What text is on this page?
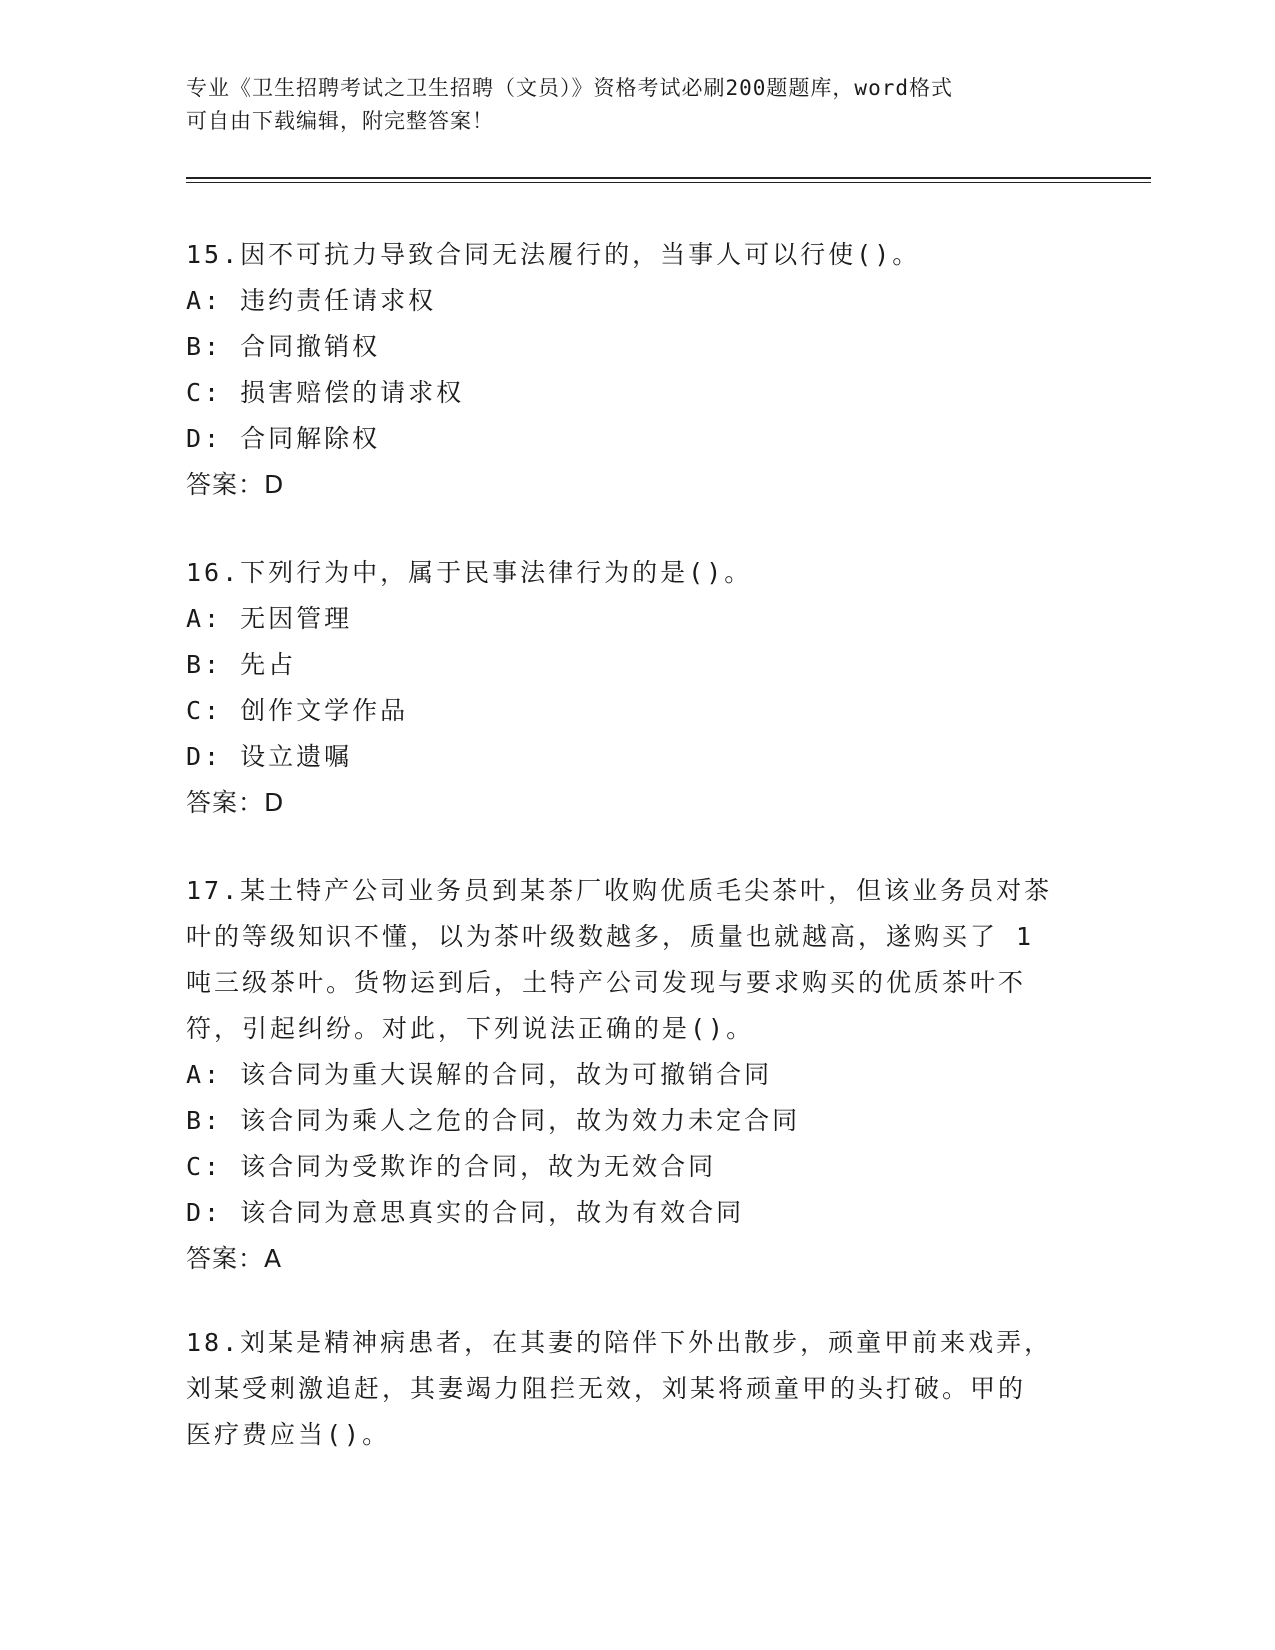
专业《卫生招聘考试之卫生招聘（文员）》资格考试必刷200题题库，word格式
可自由下载编辑，附完整答案！
15.因不可抗力导致合同无法履行的，当事人可以行使()。
A: 违约责任请求权
B: 合同撤销权
C: 损害赔偿的请求权
D: 合同解除权
答案：D
16.下列行为中，属于民事法律行为的是()。
A: 无因管理
B: 先占
C: 创作文学作品
D: 设立遗嘱
答案：D
17.某土特产公司业务员到某茶厂收购优质毛尖茶叶，但该业务员对茶
叶的等级知识不懂，以为茶叶级数越多，质量也就越高，遂购买了 1
吨三级茶叶。货物运到后，土特产公司发现与要求购买的优质茶叶不
符，引起纠纷。对此，下列说法正确的是()。
A: 该合同为重大误解的合同，故为可撤销合同
B: 该合同为乘人之危的合同，故为效力未定合同
C: 该合同为受欺诈的合同，故为无效合同
D: 该合同为意思真实的合同，故为有效合同
答案：A
18.刘某是精神病患者，在其妻的陪伴下外出散步，顽童甲前来戏弄，
刘某受刺激追赶，其妻竭力阻拦无效，刘某将顽童甲的头打破。甲的
医疗费应当()。
